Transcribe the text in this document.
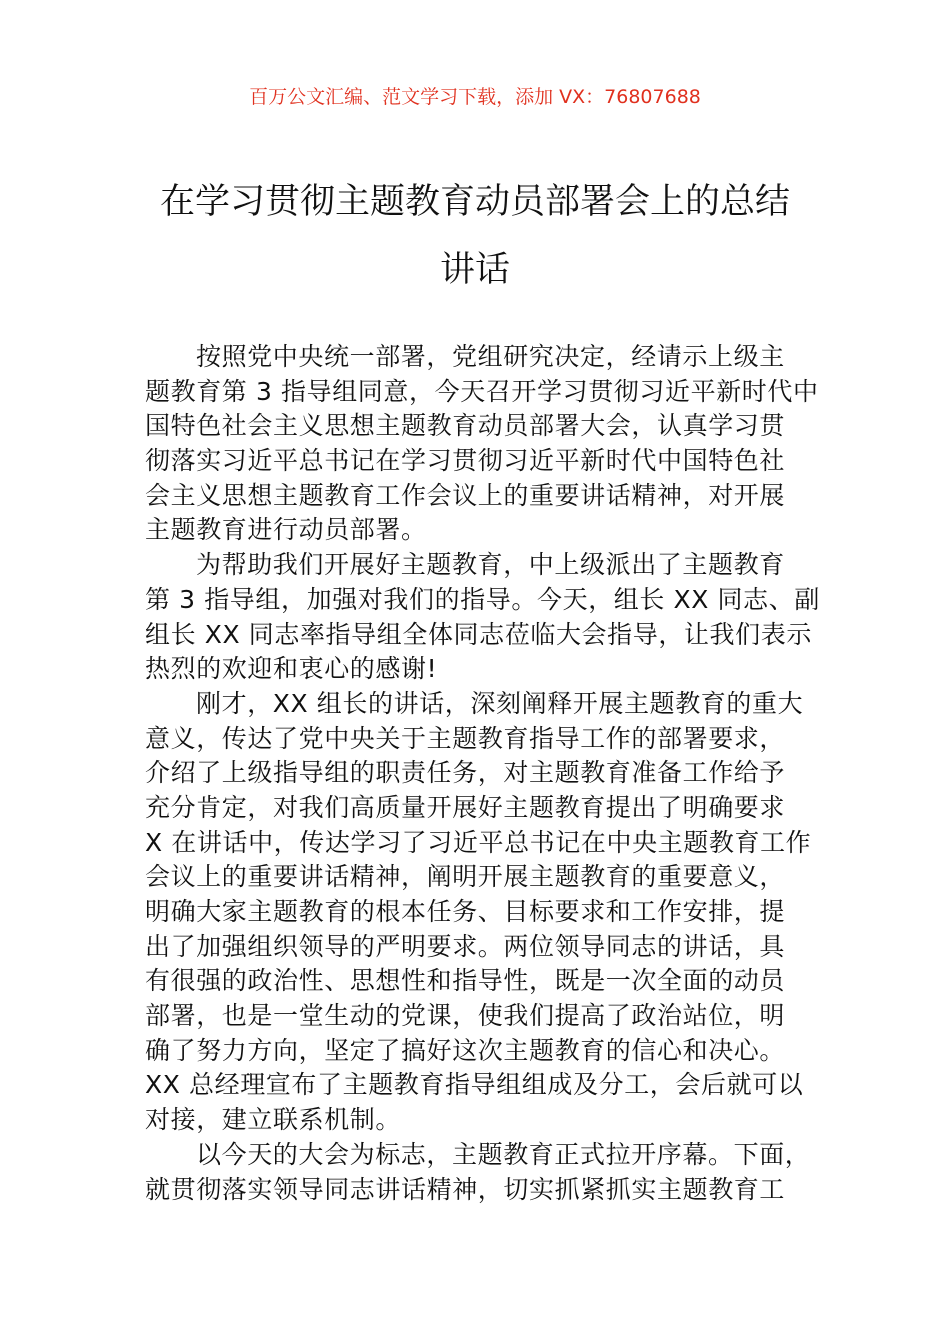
百万公文汇编、范文学习下载，添加 VX：76807688
在学习贯彻主题教育动员部署会上的总结
讲话
按照党中央统一部署，党组研究决定，经请示上级主
题教育第 3 指导组同意，今天召开学习贯彻习近平新时代中
国特色社会主义思想主题教育动员部署大会，认真学习贯
彻落实习近平总书记在学习贯彻习近平新时代中国特色社
会主义思想主题教育工作会议上的重要讲话精神，对开展
主题教育进行动员部署。
为帮助我们开展好主题教育，中上级派出了主题教育
第 3 指导组，加强对我们的指导。今天，组长 XX 同志、副
组长 XX 同志率指导组全体同志莅临大会指导，让我们表示
热烈的欢迎和衷心的感谢!
刚才，XX 组长的讲话，深刻阐释开展主题教育的重大
意义，传达了党中央关于主题教育指导工作的部署要求，
介绍了上级指导组的职责任务，对主题教育准备工作给予
充分肯定，对我们高质量开展好主题教育提出了明确要求
X 在讲话中，传达学习了习近平总书记在中央主题教育工作
会议上的重要讲话精神，阐明开展主题教育的重要意义，
明确大家主题教育的根本任务、目标要求和工作安排，提
出了加强组织领导的严明要求。两位领导同志的讲话，具
有很强的政治性、思想性和指导性，既是一次全面的动员
部署，也是一堂生动的党课，使我们提高了政治站位，明
确了努力方向，坚定了搞好这次主题教育的信心和决心。
XX 总经理宣布了主题教育指导组组成及分工，会后就可以
对接，建立联系机制。
以今天的大会为标志，主题教育正式拉开序幕。下面，
就贯彻落实领导同志讲话精神，切实抓紧抓实主题教育工
